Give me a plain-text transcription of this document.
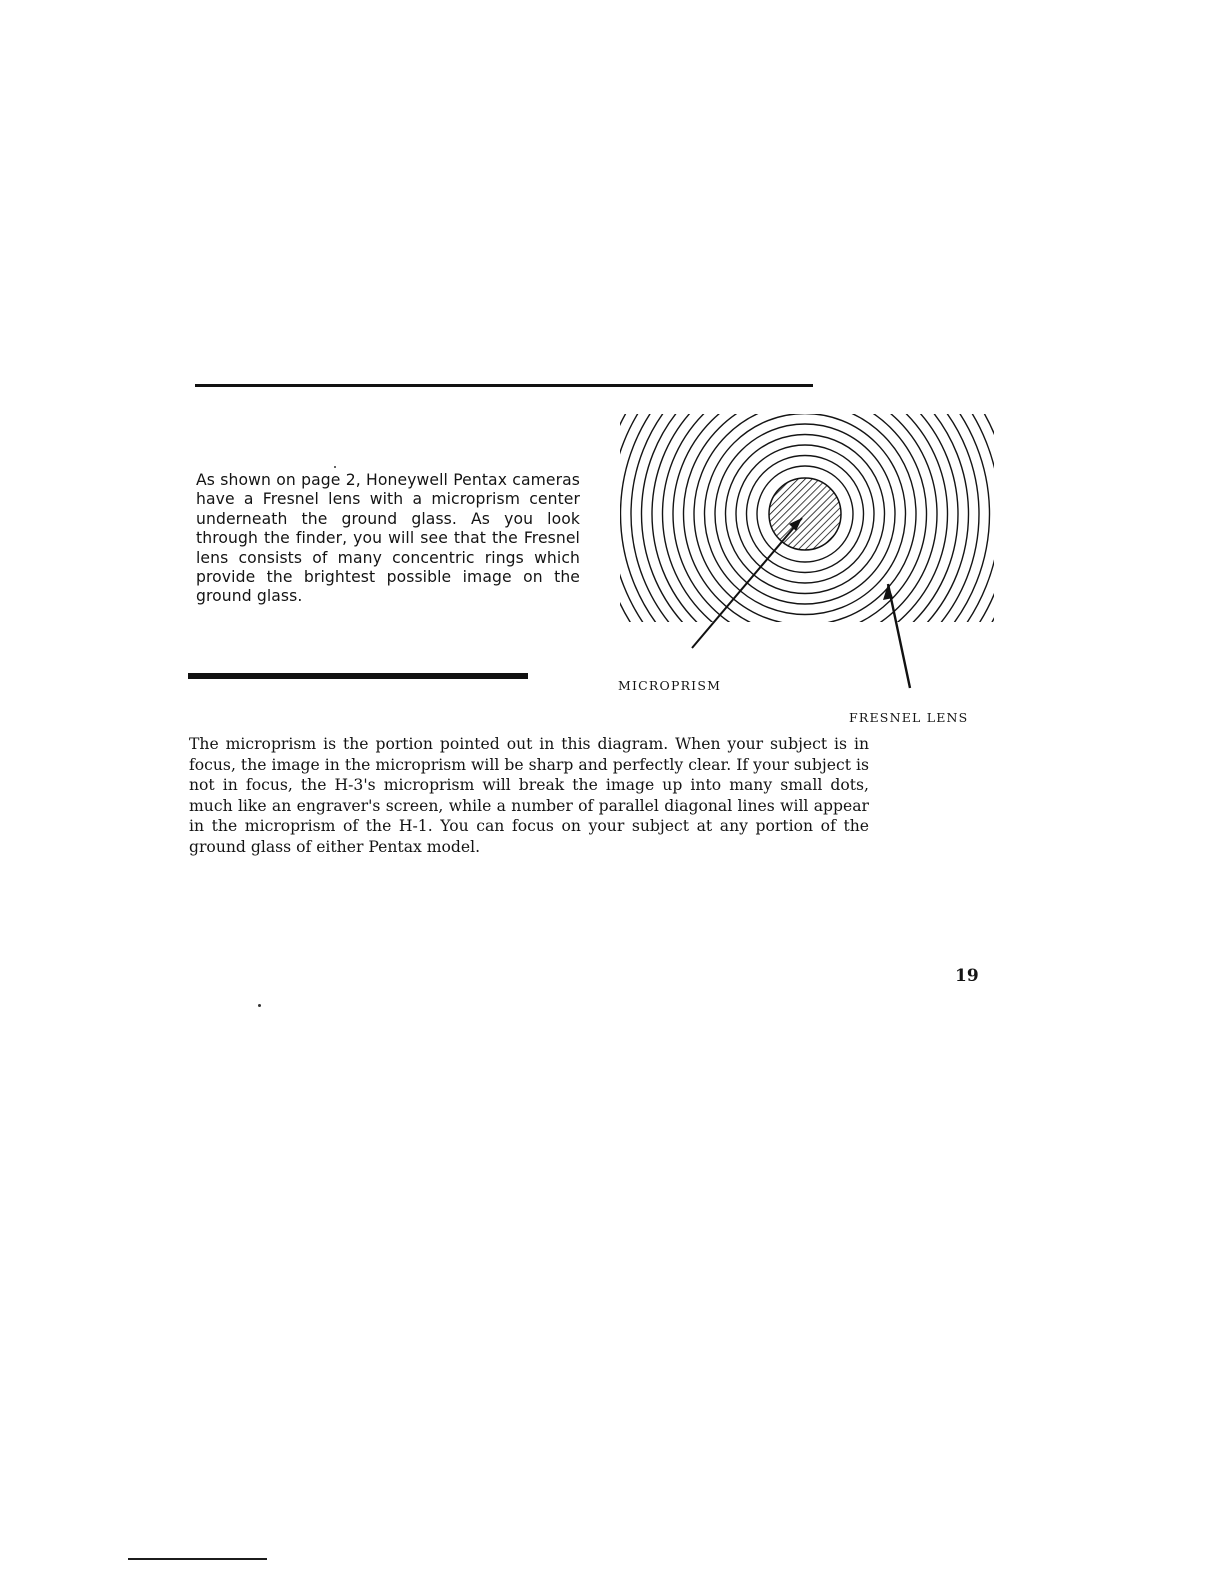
As shown on page 2, Honeywell Pentax cameras have a Fresnel lens with a microprism center underneath the ground glass. As you look through the finder, you will see that the Fresnel lens consists of many concentric rings which provide the brightest possible image on the ground glass.

MICROPRISM

FRESNEL LENS

The microprism is the portion pointed out in this diagram. When your subject is in focus, the image in the microprism will be sharp and perfectly clear. If your subject is not in focus, the H-3's microprism will break the image up into many small dots, much like an engraver's screen, while a number of parallel diagonal lines will appear in the microprism of the H-1. You can focus on your subject at any portion of the ground glass of either Pentax model.

19
